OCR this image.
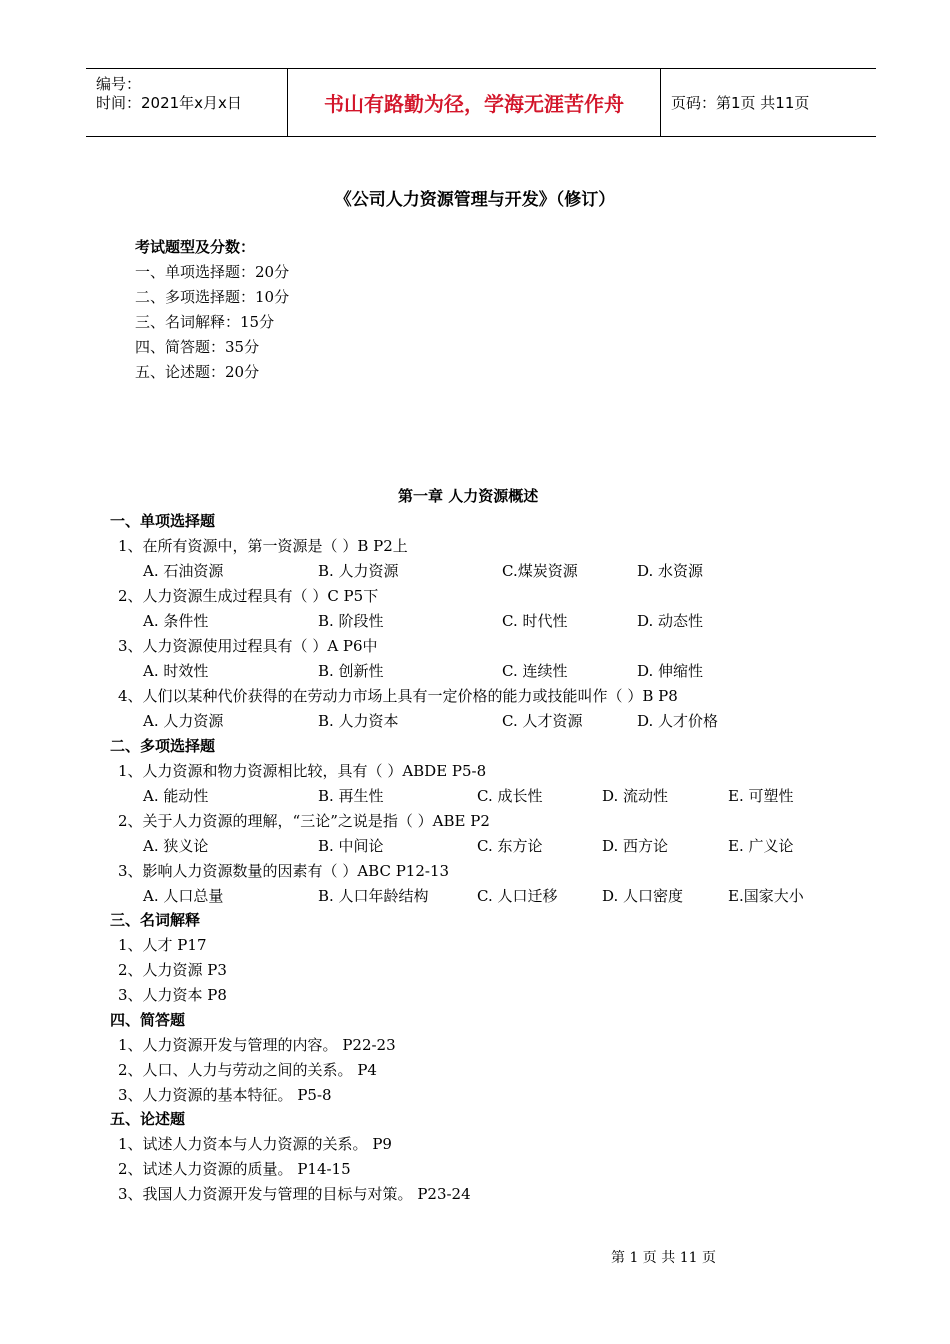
编号：
时间：2021年x月x日	书山有路勤为径，学海无涯苦作舟	页码：第1页 共11页
《公司人力资源管理与开发》（修订）
考试题型及分数：
一、单项选择题：20分
二、多项选择题：10分
三、名词解释：15分
四、简答题：35分
五、论述题：20分
第一章 人力资源概述
一、单项选择题
1、在所有资源中，第一资源是（ ）B P2上
A. 石油资源	B. 人力资源	C.煤炭资源	D. 水资源
2、人力资源生成过程具有（ ）C P5下
A. 条件性	B. 阶段性	C. 时代性	D. 动态性
3、人力资源使用过程具有（ ）A P6中
A. 时效性	B. 创新性	C. 连续性	D. 伸缩性
4、人们以某种代价获得的在劳动力市场上具有一定价格的能力或技能叫作（ ）B P8
A. 人力资源	B. 人力资本	C. 人才资源	D. 人才价格
二、多项选择题
1、人力资源和物力资源相比较，具有（ ）ABDE P5-8
A. 能动性	B. 再生性	C. 成长性	D. 流动性	E. 可塑性
2、关于人力资源的理解，“三论”之说是指（ ）ABE P2
A. 狭义论	B. 中间论	C. 东方论	D. 西方论	E. 广义论
3、影响人力资源数量的因素有（ ）ABC P12-13
A. 人口总量	B. 人口年龄结构	C. 人口迁移	D. 人口密度	E.国家大小
三、名词解释
1、人才 P17
2、人力资源 P3
3、人力资本 P8
四、简答题
1、人力资源开发与管理的内容。 P22-23
2、人口、人力与劳动之间的关系。 P4
3、人力资源的基本特征。 P5-8
五、论述题
1、试述人力资本与人力资源的关系。 P9
2、试述人力资源的质量。 P14-15
3、我国人力资源开发与管理的目标与对策。 P23-24
第 1 页 共 11 页
